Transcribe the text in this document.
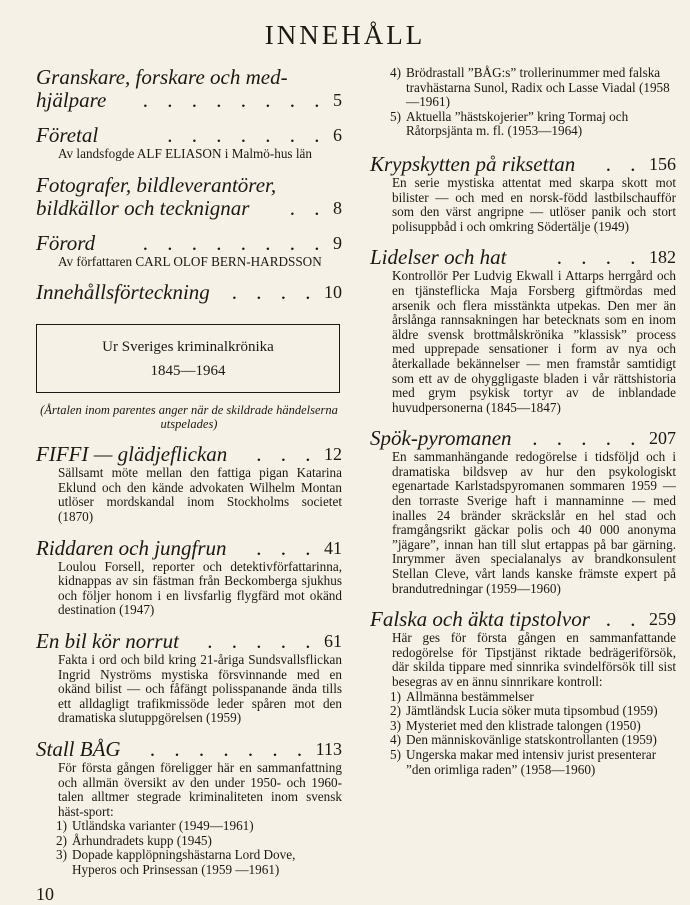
INNEHÅLL
Granskare, forskare och med-
hjälpare	. . . . . . . . 5
Företal	. . . . . . . 6
Av landsfogde ALF ELIASON i Malmö-hus län
Fotografer, bildleverantörer,
bildkällor och tecknignar	. . 8
Förord	. . . . . . . . 9
Av författaren CARL OLOF BERN-HARDSSON
Innehållsförteckning	. . . . 10
Ur Sveriges kriminalkrönika
1845—1964
(Årtalen inom parentes anger när de skildrade händelserna utspelades)
FIFFI — glädjeflickan	. . . 12
Sällsamt möte mellan den fattiga pigan Katarina Eklund och den kände advokaten Wilhelm Montan utlöser mordskandal inom Stockholms societet (1870)
Riddaren och jungfrun	. . . 41
Loulou Forsell, reporter och detektivförfattarinna, kidnappas av sin fästman från Beckomberga sjukhus och följer honom i en livsfarlig flygfärd mot okänd destination (1947)
En bil kör norrut	. . . . . 61
Fakta i ord och bild kring 21-åriga Sundsvallsflickan Ingrid Nyströms mystiska försvinnande med en okänd bilist — och fåfängt polisspanande ända tills ett alldagligt trafikmissöde leder spåren mot den dramatiska slutuppgörelsen (1959)
Stall BÅG	. . . . . . . 113
För första gången föreligger här en sammanfattning och allmän översikt av den under 1950- och 1960-talen alltmer stegrade kriminaliteten inom svensk häst-sport:
1) Utländska varianter (1949—1961)
2) Århundradets kupp (1945)
3) Dopade kapplöpningshästarna Lord Dove, Hyperos och Prinsessan (1959 —1961)
4) Brödrastall ”BÅG:s” trollerinummer med falska travhästarna Sunol, Radix och Lasse Viadal (1958—1961)
5) Aktuella ”hästskojerier” kring Tormaj och Råtorpsjänta m. fl. (1953—1964)
Krypskytten på riksettan	. . 156
En serie mystiska attentat med skarpa skott mot bilister — och med en norsk-född lastbilschaufför som den värst angripne — utlöser panik och stort polisuppbåd i och omkring Södertälje (1949)
Lidelser och hat	. . . . 182
Kontrollör Per Ludvig Ekwall i Attarps herrgård och en tjänsteflicka Maja Forsberg giftmördas med arsenik och flera misstänkta utpekas. Den mer än årslånga rannsakningen har betecknats som en inom äldre svensk brottmålskrönika ”klassisk” process med upprepade sensationer i form av nya och återkallade bekännelser — men framstår samtidigt som ett av de ohyggligaste bladen i vår rättshistoria med grym psykisk tortyr av de inblandade huvudpersonerna (1845—1847)
Spök-pyromanen	. . . . . 207
En sammanhängande redogörelse i tidsföljd och i dramatiska bildsvep av hur den psykologiskt egenartade Karlstadspyromanen sommaren 1959 — den torraste Sverige haft i mannaminne — med inalles 24 bränder skräckslår en hel stad och framgångsrikt gäckar polis och 40 000 anonyma ”jägare”, innan han till slut ertappas på bar gärning. Inrymmer även specialanalys av brandkonsulent Stellan Cleve, vårt lands kanske främste expert på brandutredningar (1959—1960)
Falska och äkta tipstolvor . . 259
Här ges för första gången en sammanfattande redogörelse för Tipstjänst riktade bedrägeriförsök, där skilda tippare med sinnrika svindelförsök till sist besegras av en ännu sinnrikare kontroll:
1) Allmänna bestämmelser
2) Jämtländsk Lucia söker muta tipsombud (1959)
3) Mysteriet med den klistrade talongen (1950)
4) Den människovänlige statskontrollanten (1959)
5) Ungerska makar med intensiv jurist presenterar ”den orimliga raden” (1958—1960)
10
